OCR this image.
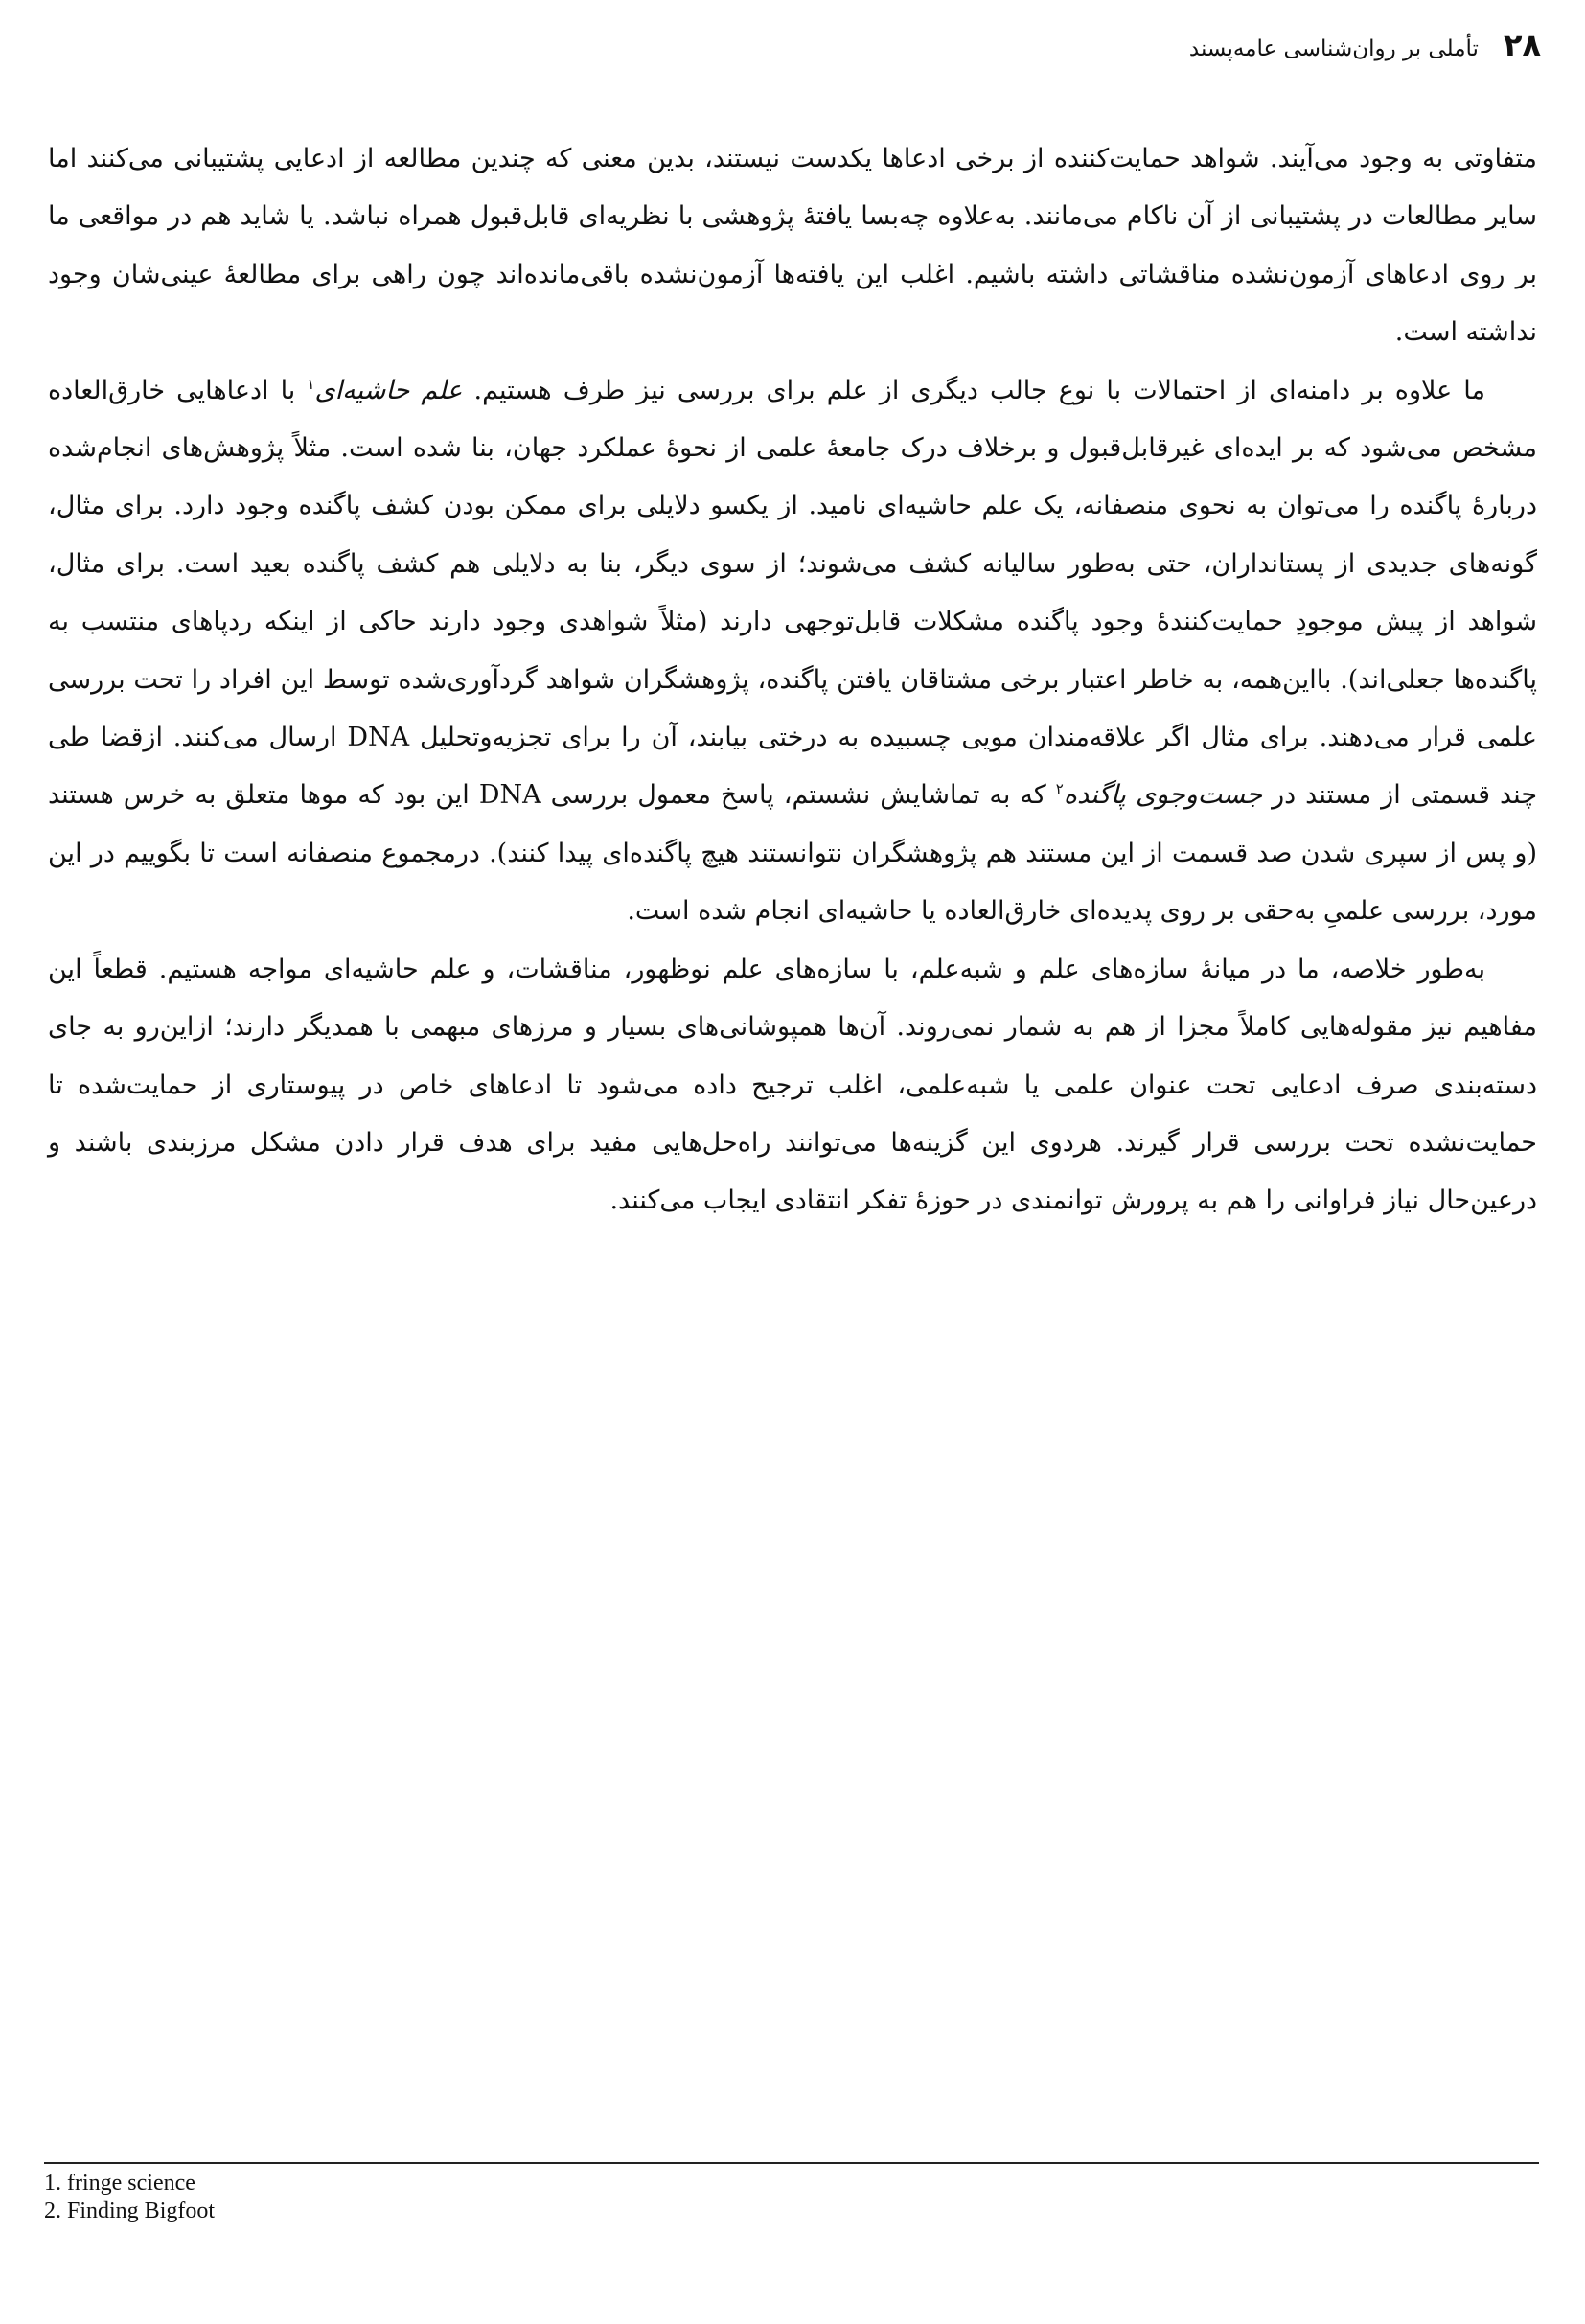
۲۸
تأملی بر روان‌شناسی عامه‌پسند

متفاوتی به وجود می‌آیند. شواهد حمایت‌کننده از برخی ادعاها یکدست نیستند، بدین معنی که چندین مطالعه از ادعایی پشتیبانی می‌کنند اما سایر مطالعات در پشتیبانی از آن ناکام می‌مانند. به‌علاوه چه‌بسا یافتهٔ پژوهشی با نظریه‌ای قابل‌قبول همراه نباشد. یا شاید هم در مواقعی ما بر روی ادعاهای آزمون‌نشده مناقشاتی داشته باشیم. اغلب این یافته‌ها آزمون‌نشده باقی‌مانده‌اند چون راهی برای مطالعهٔ عینی‌شان وجود نداشته است.

ما علاوه بر دامنه‌ای از احتمالات با نوع جالب دیگری از علم برای بررسی نیز طرف هستیم. علم حاشیه‌ای$^۱$ با ادعاهایی خارق‌العاده مشخص می‌شود که بر ایده‌ای غیرقابل‌قبول و برخلاف درک جامعهٔ علمی از نحوهٔ عملکرد جهان، بنا شده است. مثلاً پژوهش‌های انجام‌شده دربارهٔ پاگنده را می‌توان به نحوی منصفانه، یک علم حاشیه‌ای نامید. از یکسو دلایلی برای ممکن بودن کشف پاگنده وجود دارد. برای مثال، گونه‌های جدیدی از پستانداران، حتی به‌طور سالیانه کشف می‌شوند؛ از سوی دیگر، بنا به دلایلی هم کشف پاگنده بعید است. برای مثال، شواهد از پیش موجودِ حمایت‌کنندهٔ وجود پاگنده مشکلات قابل‌توجهی دارند (مثلاً شواهدی وجود دارند حاکی از اینکه ردپاهای منتسب به پاگنده‌ها جعلی‌اند). بااین‌همه، به خاطر اعتبار برخی مشتاقان یافتن پاگنده، پژوهشگران شواهد گردآوری‌شده توسط این افراد را تحت بررسی علمی قرار می‌دهند. برای مثال اگر علاقه‌مندان مویی چسبیده به درختی بیابند، آن را برای تجزیه‌وتحلیل DNA ارسال می‌کنند. ازقضا طی چند قسمتی از مستند در جست‌وجوی پاگنده$^۲$ که به تماشایش نشستم، پاسخ معمول بررسی DNA این بود که موها متعلق به خرس هستند (و پس از سپری شدن صد قسمت از این مستند هم پژوهشگران نتوانستند هیچ پاگنده‌ای پیدا کنند). درمجموع منصفانه است تا بگوییم در این مورد، بررسی علمیِ به‌حقی بر روی پدیده‌ای خارق‌العاده یا حاشیه‌ای انجام شده است.

به‌طور خلاصه، ما در میانهٔ سازه‌های علم و شبه‌علم، با سازه‌های علم نوظهور، مناقشات، و علم حاشیه‌ای مواجه هستیم. قطعاً این مفاهیم نیز مقوله‌هایی کاملاً مجزا از هم به شمار نمی‌روند. آن‌ها همپوشانی‌های بسیار و مرزهای مبهمی با همدیگر دارند؛ ازاین‌رو به جای دسته‌بندی صرف ادعایی تحت عنوان علمی یا شبه‌علمی، اغلب ترجیح داده می‌شود تا ادعاهای خاص در پیوستاری از حمایت‌شده تا حمایت‌نشده تحت بررسی قرار گیرند. هردوی این گزینه‌ها می‌توانند راه‌حل‌هایی مفید برای هدف قرار دادن مشکل مرزبندی باشند و درعین‌حال نیاز فراوانی را هم به پرورش توانمندی در حوزهٔ تفکر انتقادی ایجاب می‌کنند.

1. fringe science
2. Finding Bigfoot
